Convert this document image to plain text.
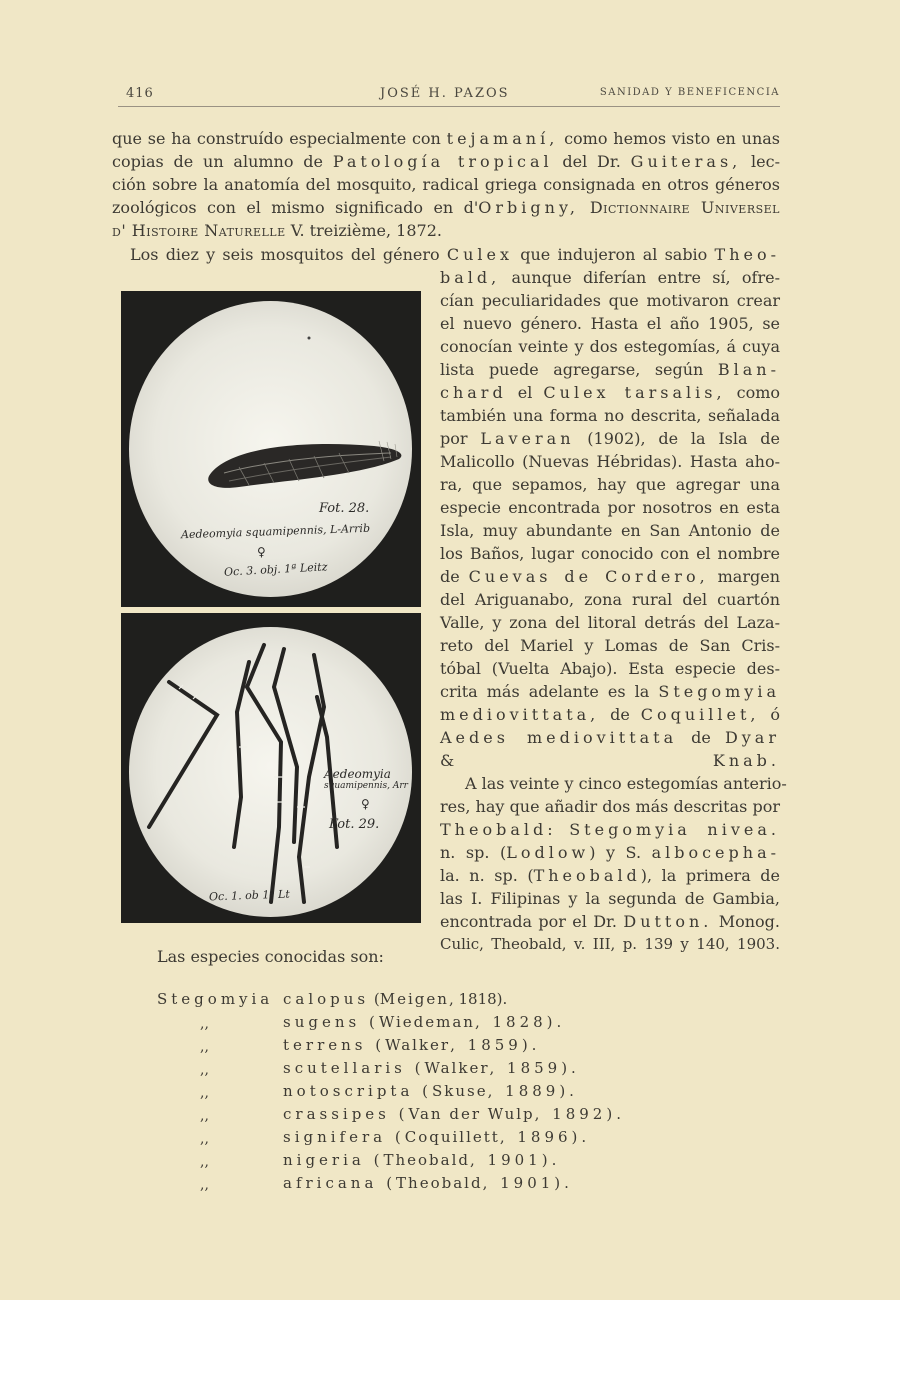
416	JOSÉ H. PAZOS	SANIDAD Y BENEFICENCIA
que se ha construído especialmente con tejamaní, como hemos visto en unas
copias de un alumno de Patología tropical del Dr. Guiteras, lec-
ción sobre la anatomía del mosquito, radical griega consignada en otros géneros
zoológicos con el mismo significado en d'Orbigny, Dictionnaire Universel
d' Histoire Naturelle V. treizième, 1872.
Los diez y seis mosquitos del género Culex que indujeron al sabio Theo-
bald, aunque diferían entre sí, ofre-
cían peculiaridades que motivaron crear
el nuevo género. Hasta el año 1905, se
conocían veinte y dos estegomías, á cuya
lista puede agregarse, según Blan-
chard el Culex tarsalis, como
también una forma no descrita, señalada
por Laveran (1902), de la Isla de
Malicollo (Nuevas Hébridas). Hasta aho-
ra, que sepamos, hay que agregar una
especie encontrada por nosotros en esta
Isla, muy abundante en San Antonio de
los Baños, lugar conocido con el nombre
de Cuevas de Cordero, margen
del Ariguanabo, zona rural del cuartón
Valle, y zona del litoral detrás del Laza-
reto del Mariel y Lomas de San Cris-
tóbal (Vuelta Abajo). Esta especie des-
crita más adelante es la Stegomyia
mediovittata, de Coquillet, ó
Aedes mediovittata de Dyar
& Knab.
A las veinte y cinco estegomías anterio-
res, hay que añadir dos más descritas por
Theobald: Stegomyia nivea.
n. sp. (Lodlow) y S. albocepha-
la. n. sp. (Theobald), la primera de
las I. Filipinas y la segunda de Gambia,
encontrada por el Dr. Dutton. Monog.
Culic, Theobald, v. III, p. 139 y 140, 1903.
Fot. 28.
Aedeomyia squamipennis, L-Arrib
♀
Oc. 3. obj. 1ª Leitz
Aedeomyia
squamipennis, Arr
♀
Fot. 29.
Oc. 1. ob 1ª Lt
Las especies conocidas son:
Stegomyia calopus (Meigen, 1818).
,,	sugens (Wiedeman, 1828).
,,	terrens (Walker, 1859).
,,	scutellaris (Walker, 1859).
,,	notoscripta (Skuse, 1889).
,,	crassipes (Van der Wulp, 1892).
,,	signifera (Coquillett, 1896).
,,	nigeria (Theobald, 1901).
,,	africana (Theobald, 1901).
